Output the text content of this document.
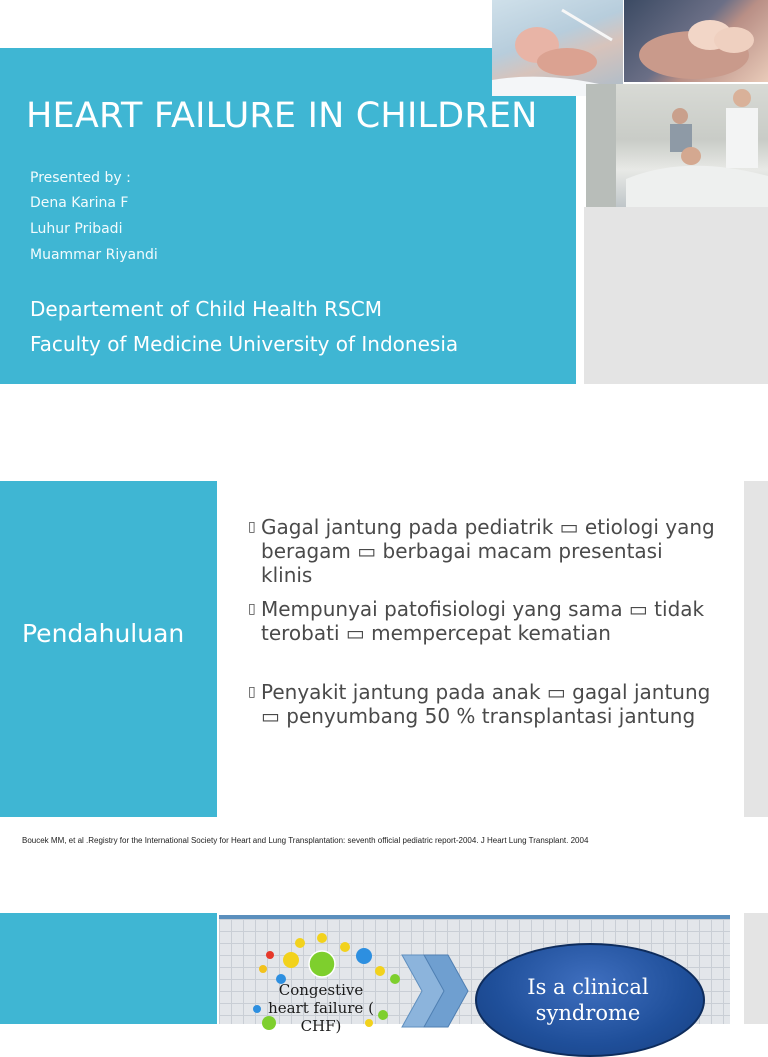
HEART FAILURE IN CHILDREN
Presented by :
Dena Karina F
Luhur Pribadi
Muammar Riyandi
Departement of Child Health RSCM
Faculty of Medicine University of Indonesia
Pendahuluan
▯ Gagal jantung pada pediatrik ▭ etiologi yang beragam ▭ berbagai macam presentasi klinis
▯ Mempunyai patofisiologi yang sama ▭ tidak terobati ▭ mempercepat kematian
▯ Penyakit jantung pada anak ▭ gagal jantung ▭ penyumbang 50 % transplantasi jantung
Boucek MM, et al .Registry for the International Society for Heart and Lung Transplantation: seventh official pediatric report-2004. J Heart Lung Transplant. 2004
Congestive heart failure ( CHF)
Is a clinical syndrome
